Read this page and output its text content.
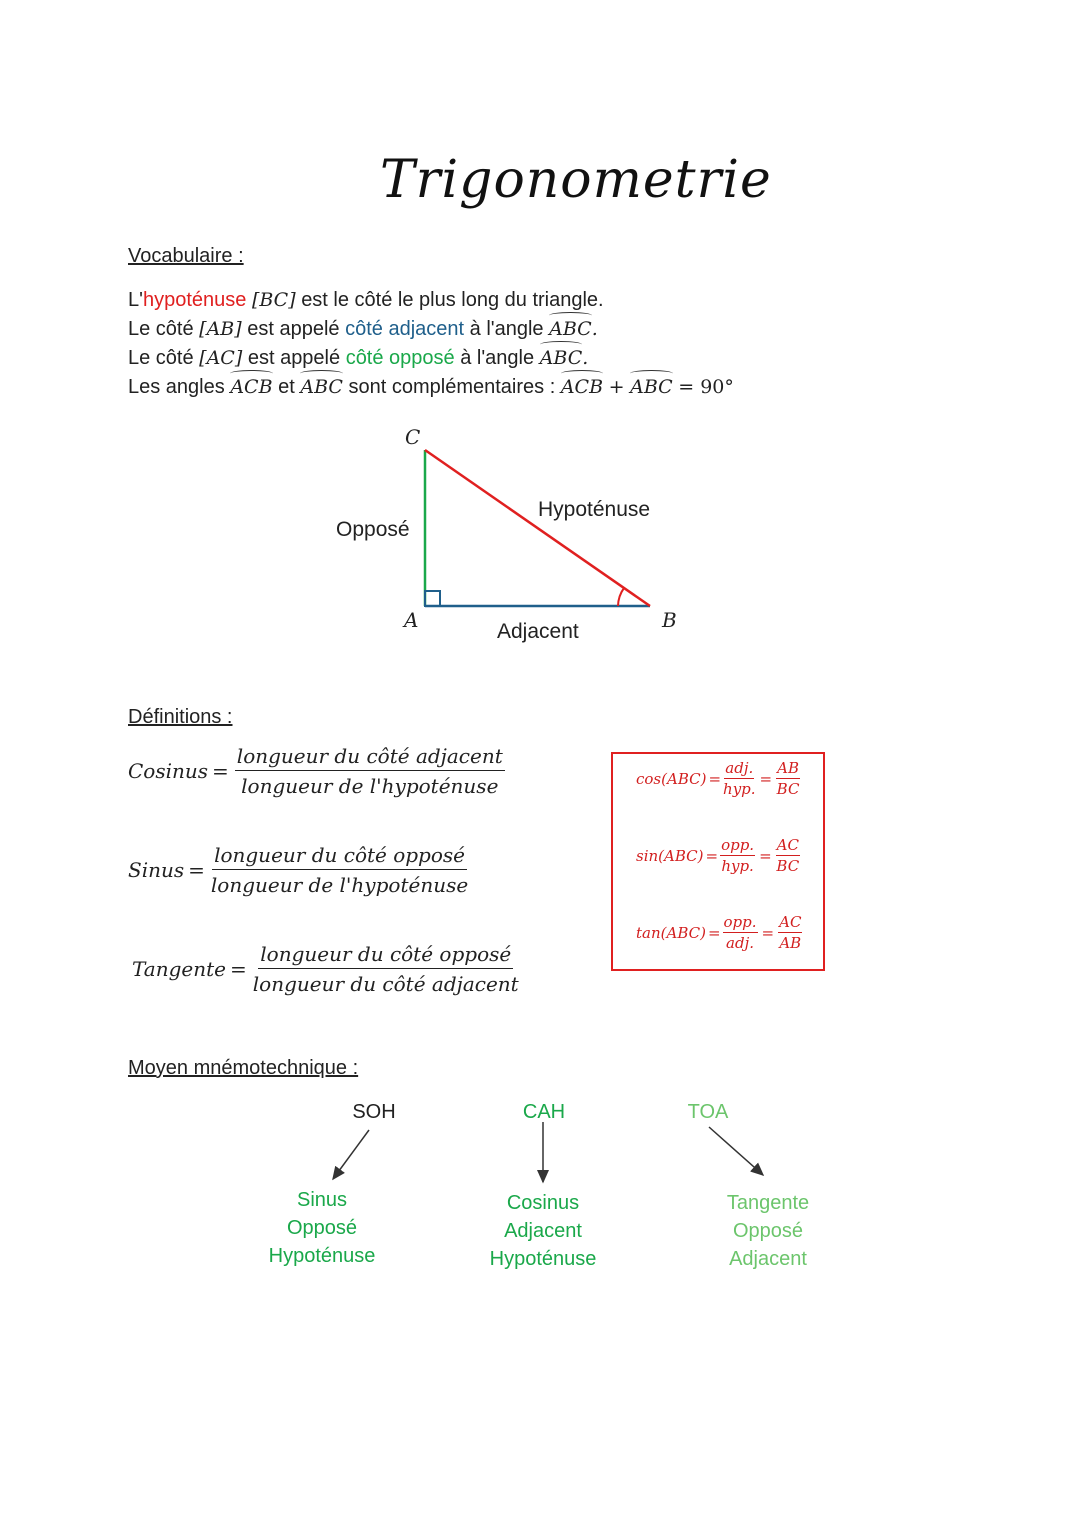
Trigonometrie
Vocabulaire :
L'hypoténuse [BC] est le côté le plus long du triangle.
Le côté [AB] est appelé côté adjacent à l'angle ABC.
Le côté [AC] est appelé côté opposé à l'angle ABC.
Les angles ACB et ABC sont complémentaires : ACB + ABC = 90°
C
A	B
Opposé
Hypoténuse
Adjacent
Définitions :
Cosinus = $\frac{\text{longueur du côté adjacent}}{\text{longueur de l'hypoténuse}}$
Sinus = $\frac{\text{longueur du côté opposé}}{\text{longueur de l'hypoténuse}}$
Tangente = $\frac{\text{longueur du côté opposé}}{\text{longueur du côté adjacent}}$
$\cos(ABC) = \frac{\text{adj.}}{\text{hyp.}} = \frac{AB}{BC}$
$\sin(ABC) = \frac{\text{opp.}}{\text{hyp.}} = \frac{AC}{BC}$
$\tan(ABC) = \frac{\text{opp.}}{\text{adj.}} = \frac{AC}{AB}$
Moyen mnémotechnique :
SOH	CAH	TOA
Sinus
Opposé
Hypoténuse
Cosinus
Adjacent
Hypoténuse
Tangente
Opposé
Adjacent
